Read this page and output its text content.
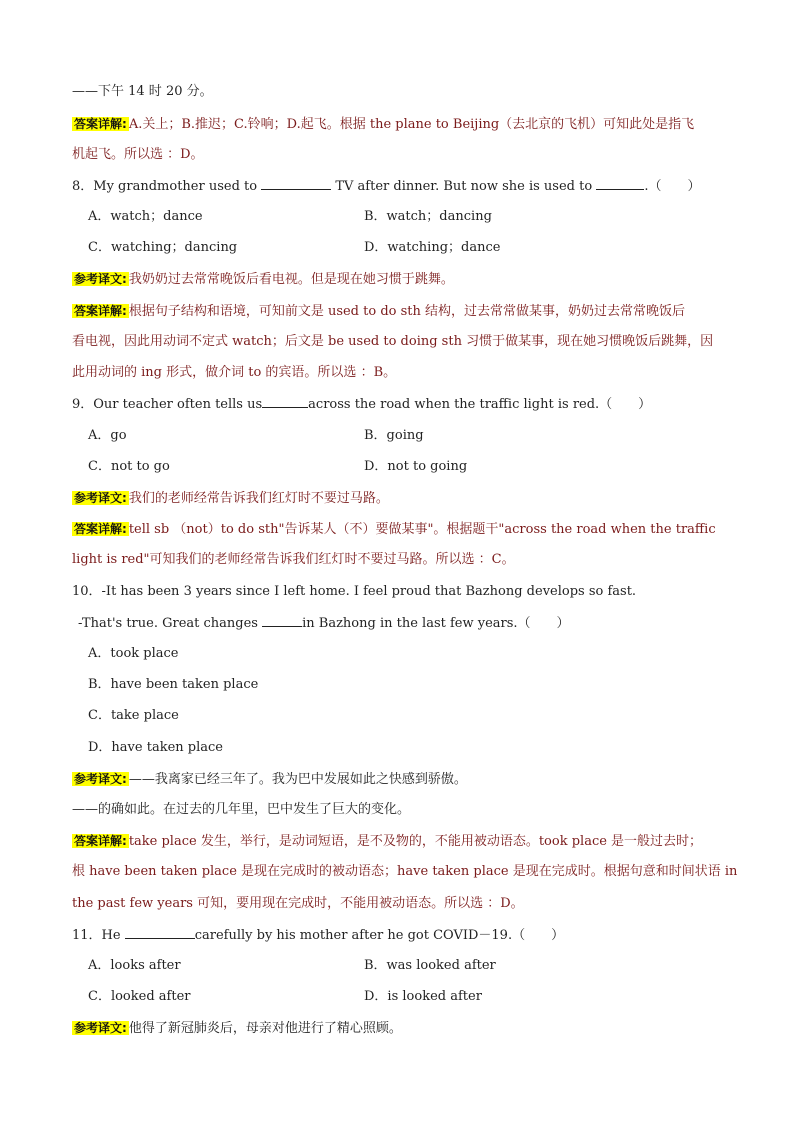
——下午 14 时 20 分。
答案详解: A.关上；B.推迟；C.铃响；D.起飞。根据 the plane to Beijing（去北京的飞机）可知此处是指飞
机起飞。所以选 ：D。
8．My grandmother used to	TV after dinner. But now she is used to	.（　　）
A．watch；dance	B．watch；dancing
C．watching；dancing	D．watching；dance
参考译文: 我奶奶过去常常晚饭后看电视。但是现在她习惯于跳舞。
答案详解: 根据句子结构和语境，可知前文是 used to do sth 结构，过去常常做某事，奶奶过去常常晚饭后
看电视，因此用动词不定式 watch；后文是 be used to doing sth 习惯于做某事，现在她习惯晚饭后跳舞，因
此用动词的 ing 形式，做介词 to 的宾语。所以选 ：B。
9．Our teacher often tells us	across the road when the traffic light is red.（　　）
A．go	B．going
C．not to go	D．not to going
参考译文: 我们的老师经常告诉我们红灯时不要过马路。
答案详解: tell sb （not）to do sth"告诉某人（不）要做某事"。根据题干"across the road when the traffic
light is red"可知我们的老师经常告诉我们红灯时不要过马路。所以选 ：C。
10．-It has been 3 years since I left home. I feel proud that Bazhong develops so fast.
-That's true. Great changes	in Bazhong in the last few years.（　　）
A．took place
B．have been taken place
C．take place
D．have taken place
参考译文: ——我离家已经三年了。我为巴中发展如此之快感到骄傲。
——的确如此。在过去的几年里，巴中发生了巨大的变化。
答案详解: take place 发生，举行，是动词短语，是不及物的，不能用被动语态。took place 是一般过去时；
根 have been taken place 是现在完成时的被动语态；have taken place 是现在完成时。根据句意和时间状语 in
the past few years 可知，要用现在完成时，不能用被动语态。所以选 ：D。
11．He	carefully by his mother after he got COVID－19.（　　）
A．looks after	B．was looked after
C．looked after	D．is looked after
参考译文: 他得了新冠肺炎后，母亲对他进行了精心照顾。
